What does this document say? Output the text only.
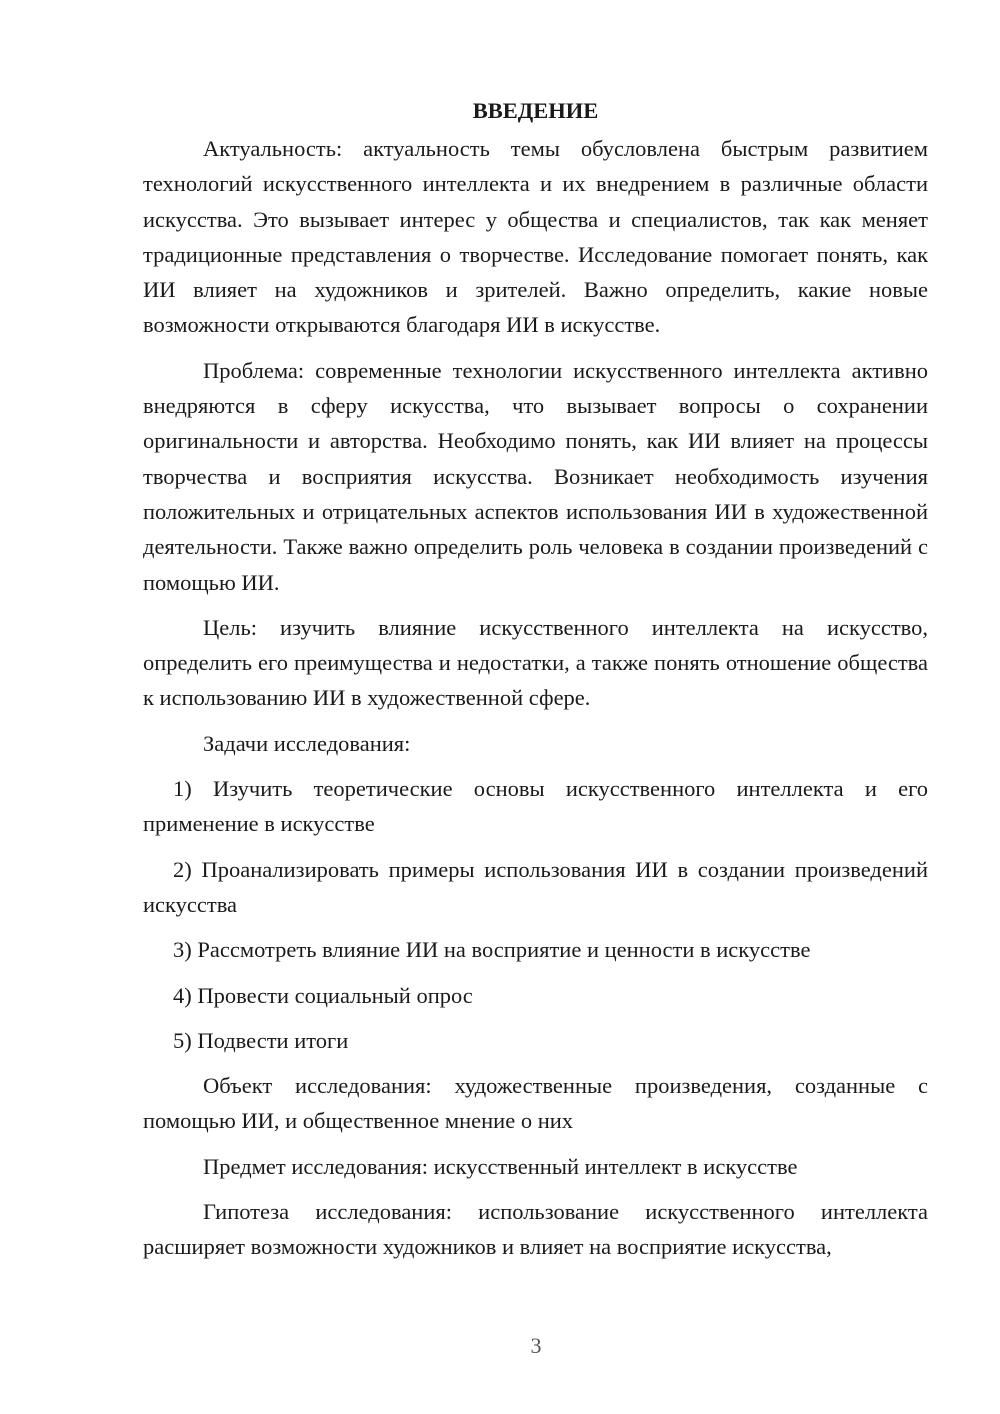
ВВЕДЕНИЕ

Актуальность: актуальность темы обусловлена быстрым развитием технологий искусственного интеллекта и их внедрением в различные области искусства. Это вызывает интерес у общества и специалистов, так как меняет традиционные представления о творчестве. Исследование помогает понять, как ИИ влияет на художников и зрителей. Важно определить, какие новые возможности открываются благодаря ИИ в искусстве.

Проблема: современные технологии искусственного интеллекта активно внедряются в сферу искусства, что вызывает вопросы о сохранении оригинальности и авторства. Необходимо понять, как ИИ влияет на процессы творчества и восприятия искусства. Возникает необходимость изучения положительных и отрицательных аспектов использования ИИ в художественной деятельности. Также важно определить роль человека в создании произведений с помощью ИИ.

Цель: изучить влияние искусственного интеллекта на искусство, определить его преимущества и недостатки, а также понять отношение общества к использованию ИИ в художественной сфере.

Задачи исследования:

1) Изучить теоретические основы искусственного интеллекта и его применение в искусстве

2) Проанализировать примеры использования ИИ в создании произведений искусства

3) Рассмотреть влияние ИИ на восприятие и ценности в искусстве

4) Провести социальный опрос

5) Подвести итоги

Объект исследования: художественные произведения, созданные с помощью ИИ, и общественное мнение о них

Предмет исследования: искусственный интеллект в искусстве

Гипотеза исследования: использование искусственного интеллекта расширяет возможности художников и влияет на восприятие искусства,

3
